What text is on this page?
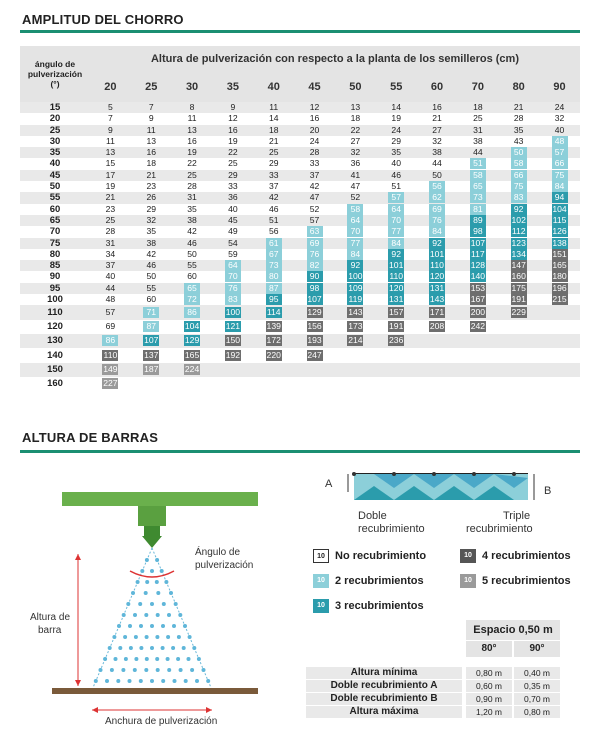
AMPLITUD DEL CHORRO
ángulo de pulverización (°)	Altura de pulverización con respecto a la planta de los semilleros (cm)											
	20	25	30	35	40	45	50	55	60	70	80	90
15	5	7	8	9	11	12	13	14	16	18	21	24
20	7	9	11	12	14	16	18	19	21	25	28	32
25	9	11	13	16	18	20	22	24	27	31	35	40
30	11	13	16	19	21	24	27	29	32	38	43	48
35	13	16	19	22	25	28	32	35	38	44	50	57
40	15	18	22	25	29	33	36	40	44	51	58	66
45	17	21	25	29	33	37	41	46	50	58	66	75
50	19	23	28	33	37	42	47	51	56	65	75	84
55	21	26	31	36	42	47	52	57	62	73	83	94
60	23	29	35	40	46	52	58	64	69	81	92	104
65	25	32	38	45	51	57	64	70	76	89	102	115
70	28	35	42	49	56	63	70	77	84	98	112	126
75	31	38	46	54	61	69	77	84	92	107	123	138
80	34	42	50	59	67	76	84	92	101	117	134	151
85	37	46	55	64	73	82	92	101	110	128	147	165
90	40	50	60	70	80	90	100	110	120	140	160	180
95	44	55	65	76	87	98	109	120	131	153	175	196
100	48	60	72	83	95	107	119	131	143	167	191	215
110	57	71	86	100	114	129	143	157	171	200	229	
120	69	87	104	121	139	156	173	191	208	242		
130	86	107	129	150	172	193	214	236				
140	110	137	165	192	220	247						
150	149	187	224									
160	227											
ALTURA DE BARRAS
Ángulo de
pulverización
Altura de
barra
Anchura de pulverización
A
B
Doble
recubrimiento
Triple
recubrimiento
10 No recubrimiento
10 2 recubrimientos
10 3 recubrimientos
10 4 recubrimientos
10 5 recubrimientos
		Espacio 0,50 m		
		80°		90°

Altura mínima		0,80 m		0,40 m
Doble recubrimiento A		0,60 m		0,35 m
Doble recubrimiento B		0,90 m		0,70 m
Altura máxima		1,20 m		0,80 m
